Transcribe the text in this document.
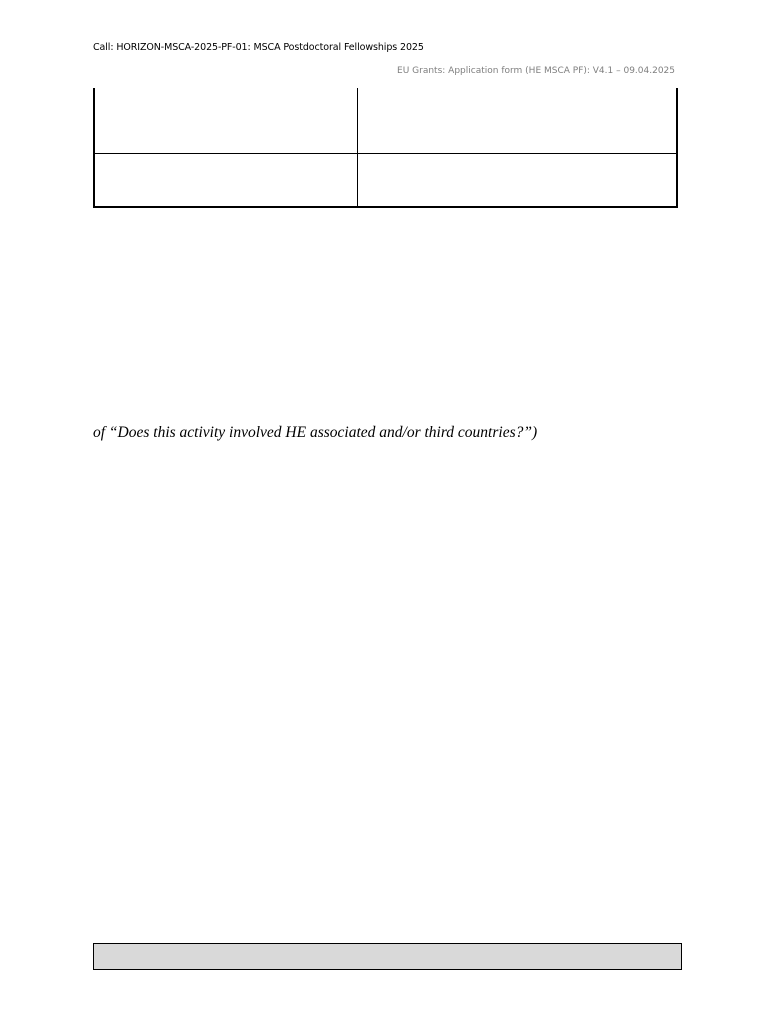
Call: HORIZON-MSCA-2025-PF-01: MSCA Postdoctoral Fellowships 2025
EU Grants: Application form (HE MSCA PF): V4.1 – 09.04.2025
of “Does this activity involved HE associated and/or third countries?”)
